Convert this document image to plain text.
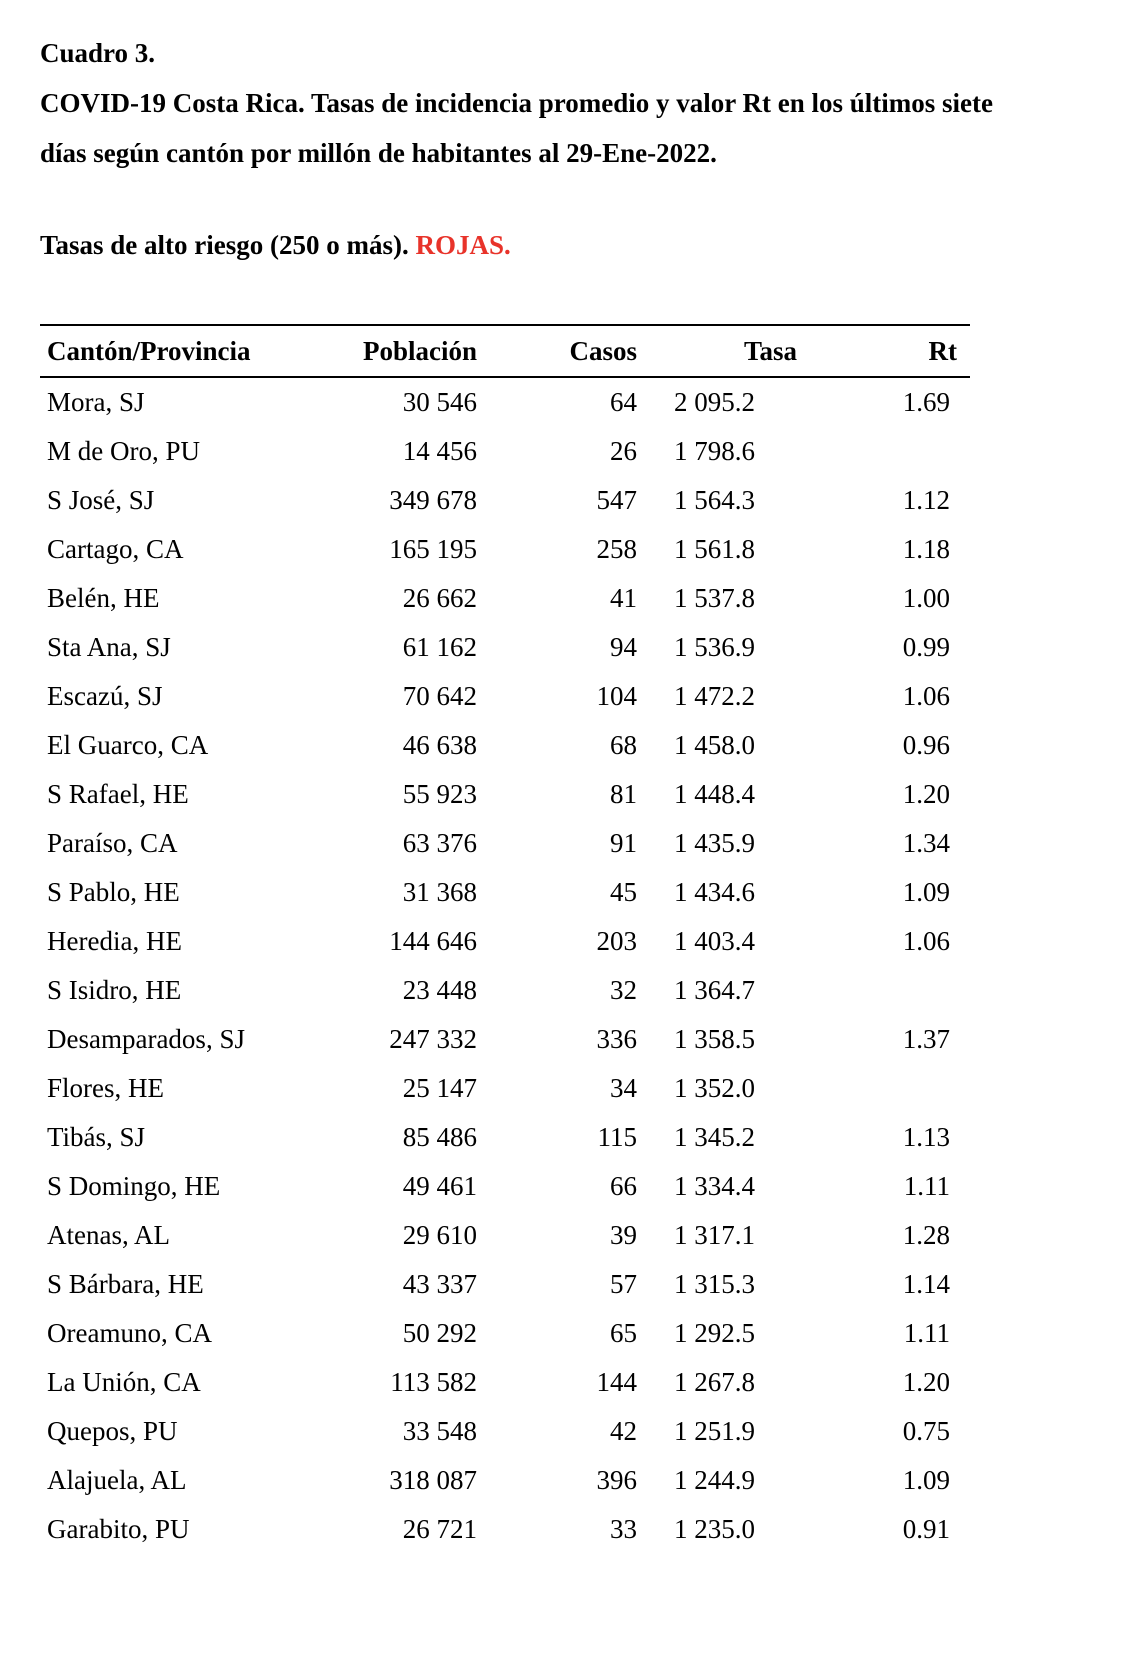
Cuadro 3.
COVID-19 Costa Rica. Tasas de incidencia promedio y valor Rt en los últimos siete
días según cantón por millón de habitantes al 29-Ene-2022.
Tasas de alto riesgo (250 o más). ROJAS.
Cantón/Provincia	Población	Casos	Tasa	Rt
Mora, SJ	30 546	64	2 095.2	1.69
M de Oro, PU	14 456	26	1 798.6
S José, SJ	349 678	547	1 564.3	1.12
Cartago, CA	165 195	258	1 561.8	1.18
Belén, HE	26 662	41	1 537.8	1.00
Sta Ana, SJ	61 162	94	1 536.9	0.99
Escazú, SJ	70 642	104	1 472.2	1.06
El Guarco, CA	46 638	68	1 458.0	0.96
S Rafael, HE	55 923	81	1 448.4	1.20
Paraíso, CA	63 376	91	1 435.9	1.34
S Pablo, HE	31 368	45	1 434.6	1.09
Heredia, HE	144 646	203	1 403.4	1.06
S Isidro, HE	23 448	32	1 364.7
Desamparados, SJ	247 332	336	1 358.5	1.37
Flores, HE	25 147	34	1 352.0
Tibás, SJ	85 486	115	1 345.2	1.13
S Domingo, HE	49 461	66	1 334.4	1.11
Atenas, AL	29 610	39	1 317.1	1.28
S Bárbara, HE	43 337	57	1 315.3	1.14
Oreamuno, CA	50 292	65	1 292.5	1.11
La Unión, CA	113 582	144	1 267.8	1.20
Quepos, PU	33 548	42	1 251.9	0.75
Alajuela, AL	318 087	396	1 244.9	1.09
Garabito, PU	26 721	33	1 235.0	0.91
